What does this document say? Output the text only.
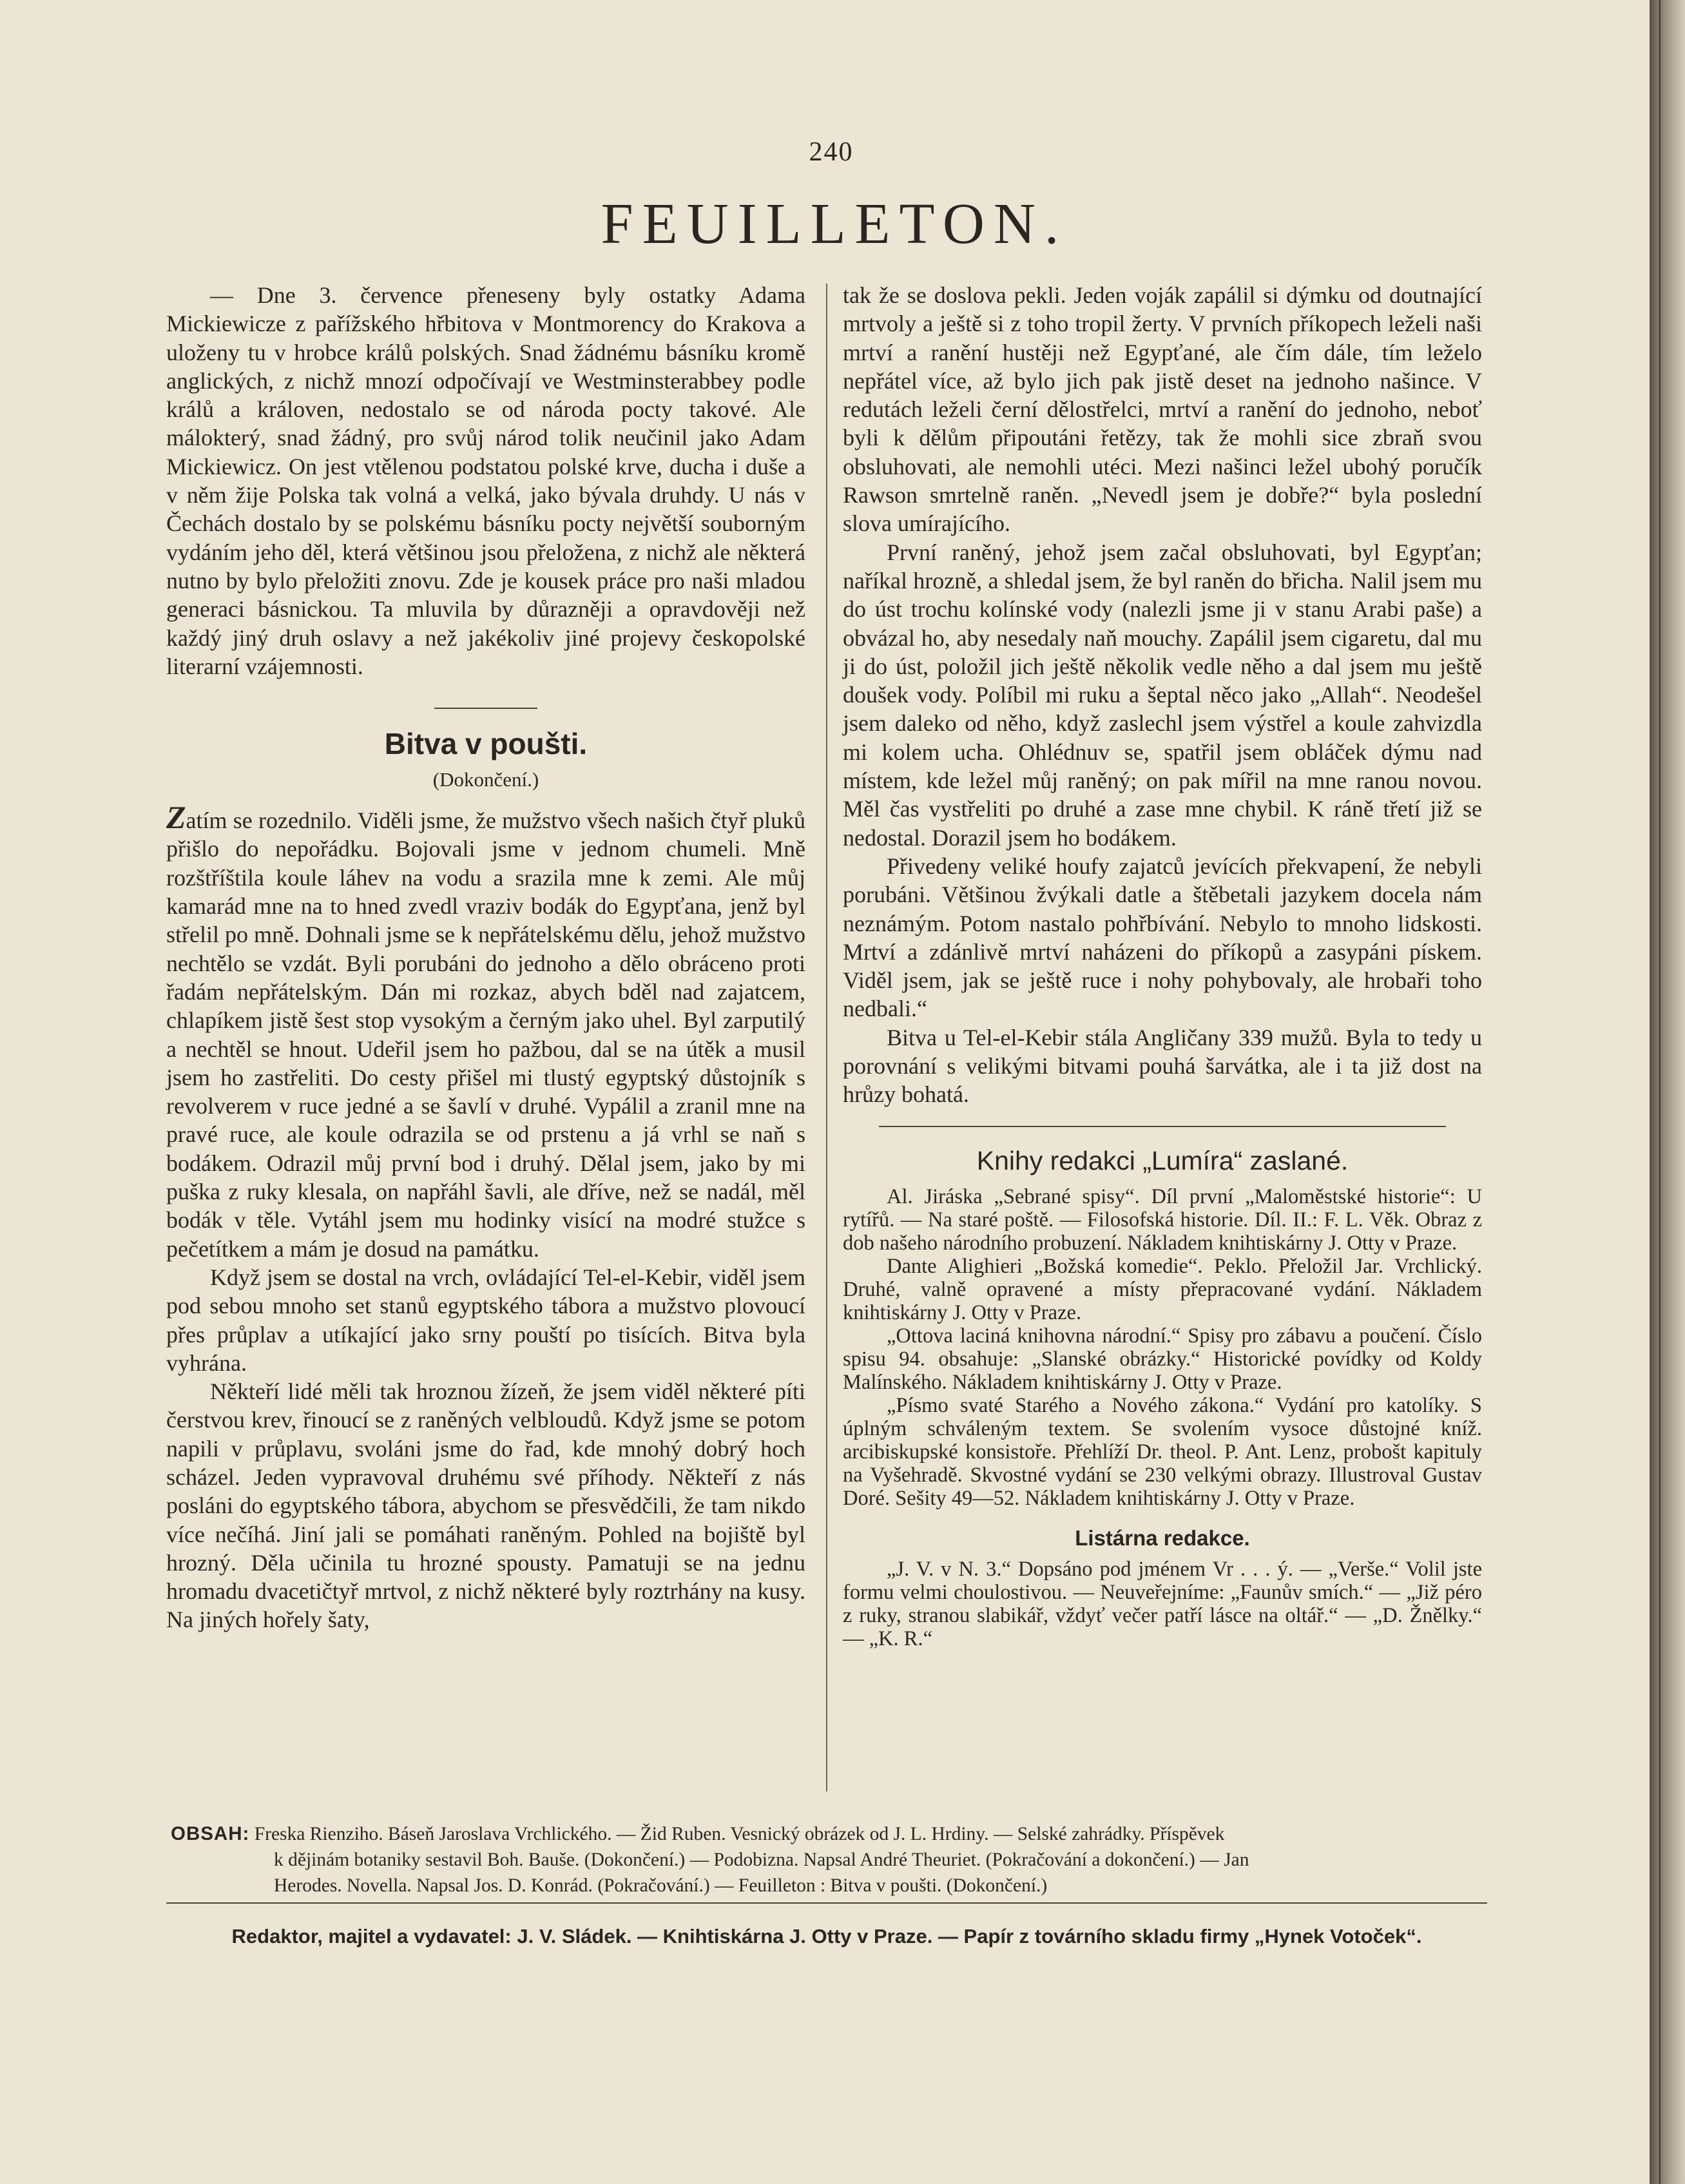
240
FEUILLETON.

— Dne 3. července přeneseny byly ostatky Adama Mickiewicze z pařížského hřbitova v Montmorency do Krakova a uloženy tu v hrobce králů polských. Snad žádnému básníku kromě anglických, z nichž mnozí odpočívají ve Westminsterabbey podle králů a královen, nedostalo se od národa pocty takové. Ale málokterý, snad žádný, pro svůj národ tolik neučinil jako Adam Mickiewicz. On jest vtělenou podstatou polské krve, ducha i duše a v něm žije Polska tak volná a velká, jako bývala druhdy. U nás v Čechách dostalo by se polskému básníku pocty největší souborným vydáním jeho děl, která většinou jsou přeložena, z nichž ale některá nutno by bylo přeložiti znovu. Zde je kousek práce pro naši mladou generaci básnickou. Ta mluvila by důrazněji a opravdověji než každý jiný druh oslavy a než jakékoliv jiné projevy českopolské literarní vzájemnosti.

Bitva v poušti.
(Dokončení.)

Zatím se rozednilo. Viděli jsme, že mužstvo všech našich čtyř pluků přišlo do nepořádku. Bojovali jsme v jednom chumeli. Mně rozštříštila koule láhev na vodu a srazila mne k zemi. Ale můj kamarád mne na to hned zvedl vraziv bodák do Egypťana, jenž byl střelil po mně. Dohnali jsme se k nepřátelskému dělu, jehož mužstvo nechtělo se vzdát. Byli porubáni do jednoho a dělo obráceno proti řadám nepřátelským. Dán mi rozkaz, abych bděl nad zajatcem, chlapíkem jistě šest stop vysokým a černým jako uhel. Byl zarputilý a nechtěl se hnout. Udeřil jsem ho pažbou, dal se na útěk a musil jsem ho zastřeliti. Do cesty přišel mi tlustý egyptský důstojník s revolverem v ruce jedné a se šavlí v druhé. Vypálil a zranil mne na pravé ruce, ale koule odrazila se od prstenu a já vrhl se naň s bodákem. Odrazil můj první bod i druhý. Dělal jsem, jako by mi puška z ruky klesala, on napřáhl šavli, ale dříve, než se nadál, měl bodák v těle. Vytáhl jsem mu hodinky visící na modré stužce s pečetítkem a mám je dosud na památku.

Když jsem se dostal na vrch, ovládající Tel-el-Kebir, viděl jsem pod sebou mnoho set stanů egyptského tábora a mužstvo plovoucí přes průplav a utíkající jako srny pouští po tisících. Bitva byla vyhrána.

Někteří lidé měli tak hroznou žízeň, že jsem viděl některé píti čerstvou krev, řinoucí se z raněných velbloudů. Když jsme se potom napili v průplavu, svoláni jsme do řad, kde mnohý dobrý hoch scházel. Jeden vypravoval druhému své příhody. Někteří z nás posláni do egyptského tábora, abychom se přesvědčili, že tam nikdo více nečíhá. Jiní jali se pomáhati raněným. Pohled na bojiště byl hrozný. Děla učinila tu hrozné spousty. Pamatuji se na jednu hromadu dvacetičtyř mrtvol, z nichž některé byly roztrhány na kusy. Na jiných hořely šaty,

tak že se doslova pekli. Jeden voják zapálil si dýmku od doutnající mrtvoly a ještě si z toho tropil žerty. V prvních příkopech leželi naši mrtví a ranění hustěji než Egypťané, ale čím dále, tím leželo nepřátel více, až bylo jich pak jistě deset na jednoho našince. V redutách leželi černí dělostřelci, mrtví a ranění do jednoho, neboť byli k dělům připoutáni řetězy, tak že mohli sice zbraň svou obsluhovati, ale nemohli utéci. Mezi našinci ležel ubohý poručík Rawson smrtelně raněn. „Nevedl jsem je dobře?“ byla poslední slova umírajícího.

První raněný, jehož jsem začal obsluhovati, byl Egypťan; naříkal hrozně, a shledal jsem, že byl raněn do břicha. Nalil jsem mu do úst trochu kolínské vody (nalezli jsme ji v stanu Arabi paše) a obvázal ho, aby nesedaly naň mouchy. Zapálil jsem cigaretu, dal mu ji do úst, položil jich ještě několik vedle něho a dal jsem mu ještě doušek vody. Políbil mi ruku a šeptal něco jako „Allah“. Neodešel jsem daleko od něho, když zaslechl jsem výstřel a koule zahvizdla mi kolem ucha. Ohlédnuv se, spatřil jsem obláček dýmu nad místem, kde ležel můj raněný; on pak mířil na mne ranou novou. Měl čas vystřeliti po druhé a zase mne chybil. K ráně třetí již se nedostal. Dorazil jsem ho bodákem.

Přivedeny veliké houfy zajatců jevících překvapení, že nebyli porubáni. Většinou žvýkali datle a štěbetali jazykem docela nám neznámým. Potom nastalo pohřbívání. Nebylo to mnoho lidskosti. Mrtví a zdánlivě mrtví naházeni do příkopů a zasypáni pískem. Viděl jsem, jak se ještě ruce i nohy pohybovaly, ale hrobaři toho nedbali.“

Bitva u Tel-el-Kebir stála Angličany 339 mužů. Byla to tedy u porovnání s velikými bitvami pouhá šarvátka, ale i ta již dost na hrůzy bohatá.

Knihy redakci „Lumíra“ zaslané.

Al. Jiráska „Sebrané spisy“. Díl první „Maloměstské historie“: U rytířů. — Na staré poště. — Filosofská historie. Díl. II.: F. L. Věk. Obraz z dob našeho národního probuzení. Nákladem knihtiskárny J. Otty v Praze.

Dante Alighieri „Božská komedie“. Peklo. Přeložil Jar. Vrchlický. Druhé, valně opravené a místy přepracované vydání. Nákladem knihtiskárny J. Otty v Praze.

„Ottova laciná knihovna národní.“ Spisy pro zábavu a poučení. Číslo spisu 94. obsahuje: „Slanské obrázky.“ Historické povídky od Koldy Malínského. Nákladem knihtiskárny J. Otty v Praze.

„Písmo svaté Starého a Nového zákona.“ Vydání pro katolíky. S úplným schváleným textem. Se svolením vysoce důstojné kníž. arcibiskupské konsistoře. Přehlíží Dr. theol. P. Ant. Lenz, probošt kapituly na Vyšehradě. Skvostné vydání se 230 velkými obrazy. Illustroval Gustav Doré. Sešity 49—52. Nákladem knihtiskárny J. Otty v Praze.

Listárna redakce.

„J. V. v N. 3.“ Dopsáno pod jménem Vr . . . ý. — „Verše.“ Volil jste formu velmi choulostivou. — Neuveřejníme: „Faunův smích.“ — „Již péro z ruky, stranou slabikář, vždyť večer patří lásce na oltář.“ — „D. Žnělky.“ — „K. R.“

OBSAH: Freska Rienziho. Báseň Jaroslava Vrchlického. — Žid Ruben. Vesnický obrázek od J. L. Hrdiny. — Selské zahrádky. Příspěvek
k dějinám botaniky sestavil Boh. Bauše. (Dokončení.) — Podobizna. Napsal André Theuriet. (Pokračování a dokončení.) — Jan
Herodes. Novella. Napsal Jos. D. Konrád. (Pokračování.) — Feuilleton : Bitva v poušti. (Dokončení.)
Redaktor, majitel a vydavatel: J. V. Sládek. — Knihtiskárna J. Otty v Praze. — Papír z továrního skladu firmy „Hynek Votoček“.
